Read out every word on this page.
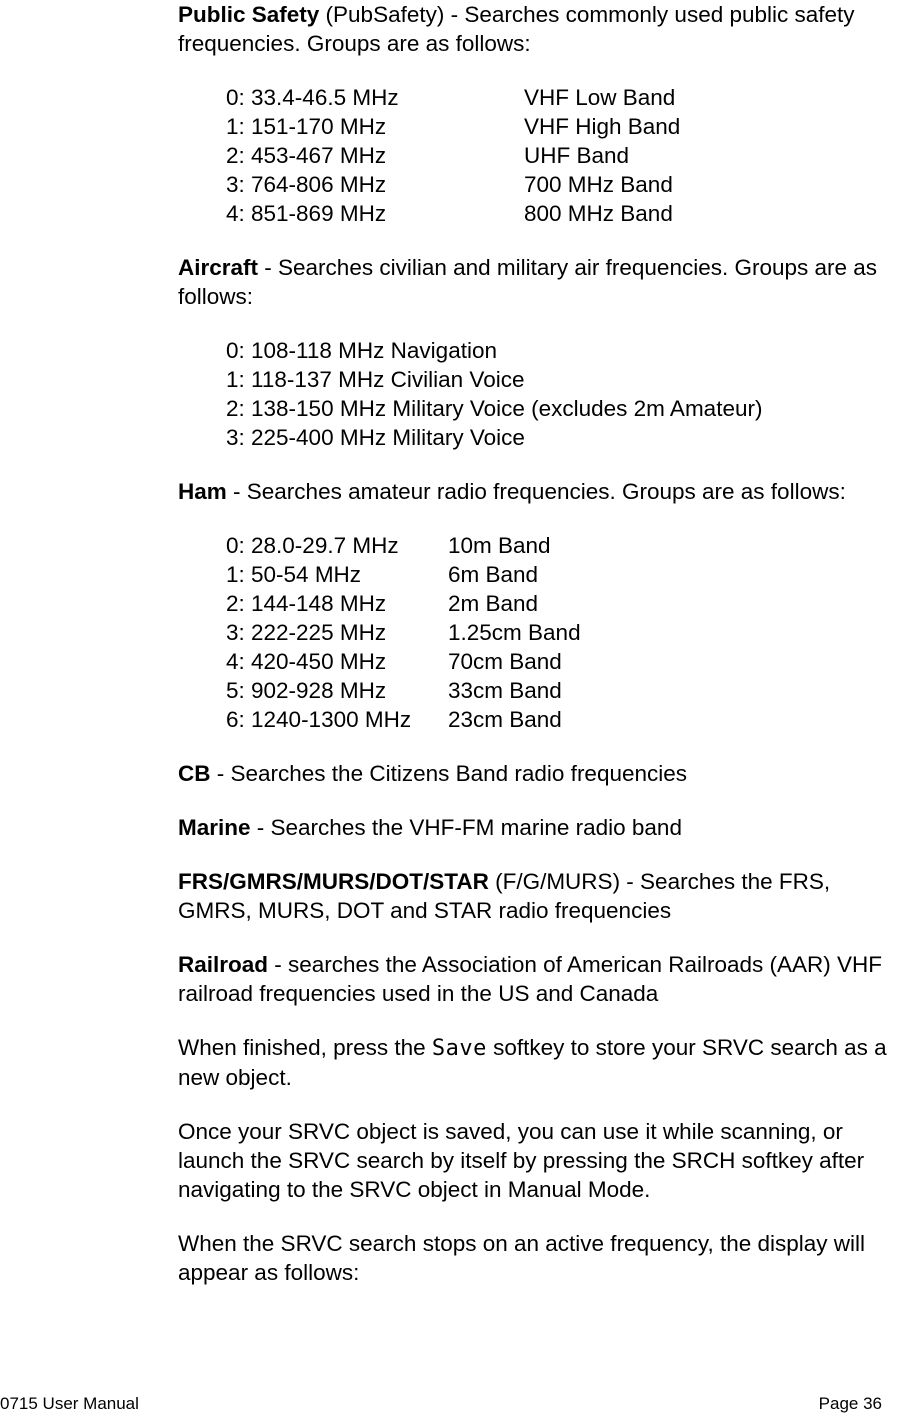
Public Safety (PubSafety) - Searches commonly used public safety frequencies. Groups are as follows:

0: 33.4-46.5 MHz	VHF Low Band
1: 151-170 MHz	VHF High Band
2: 453-467 MHz	UHF Band
3: 764-806 MHz	700 MHz Band
4: 851-869 MHz	800 MHz Band

Aircraft - Searches civilian and military air frequencies. Groups are as follows:

0: 108-118 MHz Navigation
1: 118-137 MHz Civilian Voice
2: 138-150 MHz Military Voice (excludes 2m Amateur)
3: 225-400 MHz Military Voice

Ham - Searches amateur radio frequencies. Groups are as follows:

0: 28.0-29.7 MHz	10m Band
1: 50-54 MHz	6m Band
2: 144-148 MHz	2m Band
3: 222-225 MHz	1.25cm Band
4: 420-450 MHz	70cm Band
5: 902-928 MHz	33cm Band
6: 1240-1300 MHz	23cm Band

CB - Searches the Citizens Band radio frequencies

Marine - Searches the VHF-FM marine radio band

FRS/GMRS/MURS/DOT/STAR (F/G/MURS) - Searches the FRS, GMRS, MURS, DOT and STAR radio frequencies

Railroad - searches the Association of American Railroads (AAR) VHF railroad frequencies used in the US and Canada

When finished, press the Save softkey to store your SRVC search as a new object.

Once your SRVC object is saved, you can use it while scanning, or launch the SRVC search by itself by pressing the SRCH softkey after navigating to the SRVC object in Manual Mode.

When the SRVC search stops on an active frequency, the display will appear as follows:

0715 User Manual	Page 36
